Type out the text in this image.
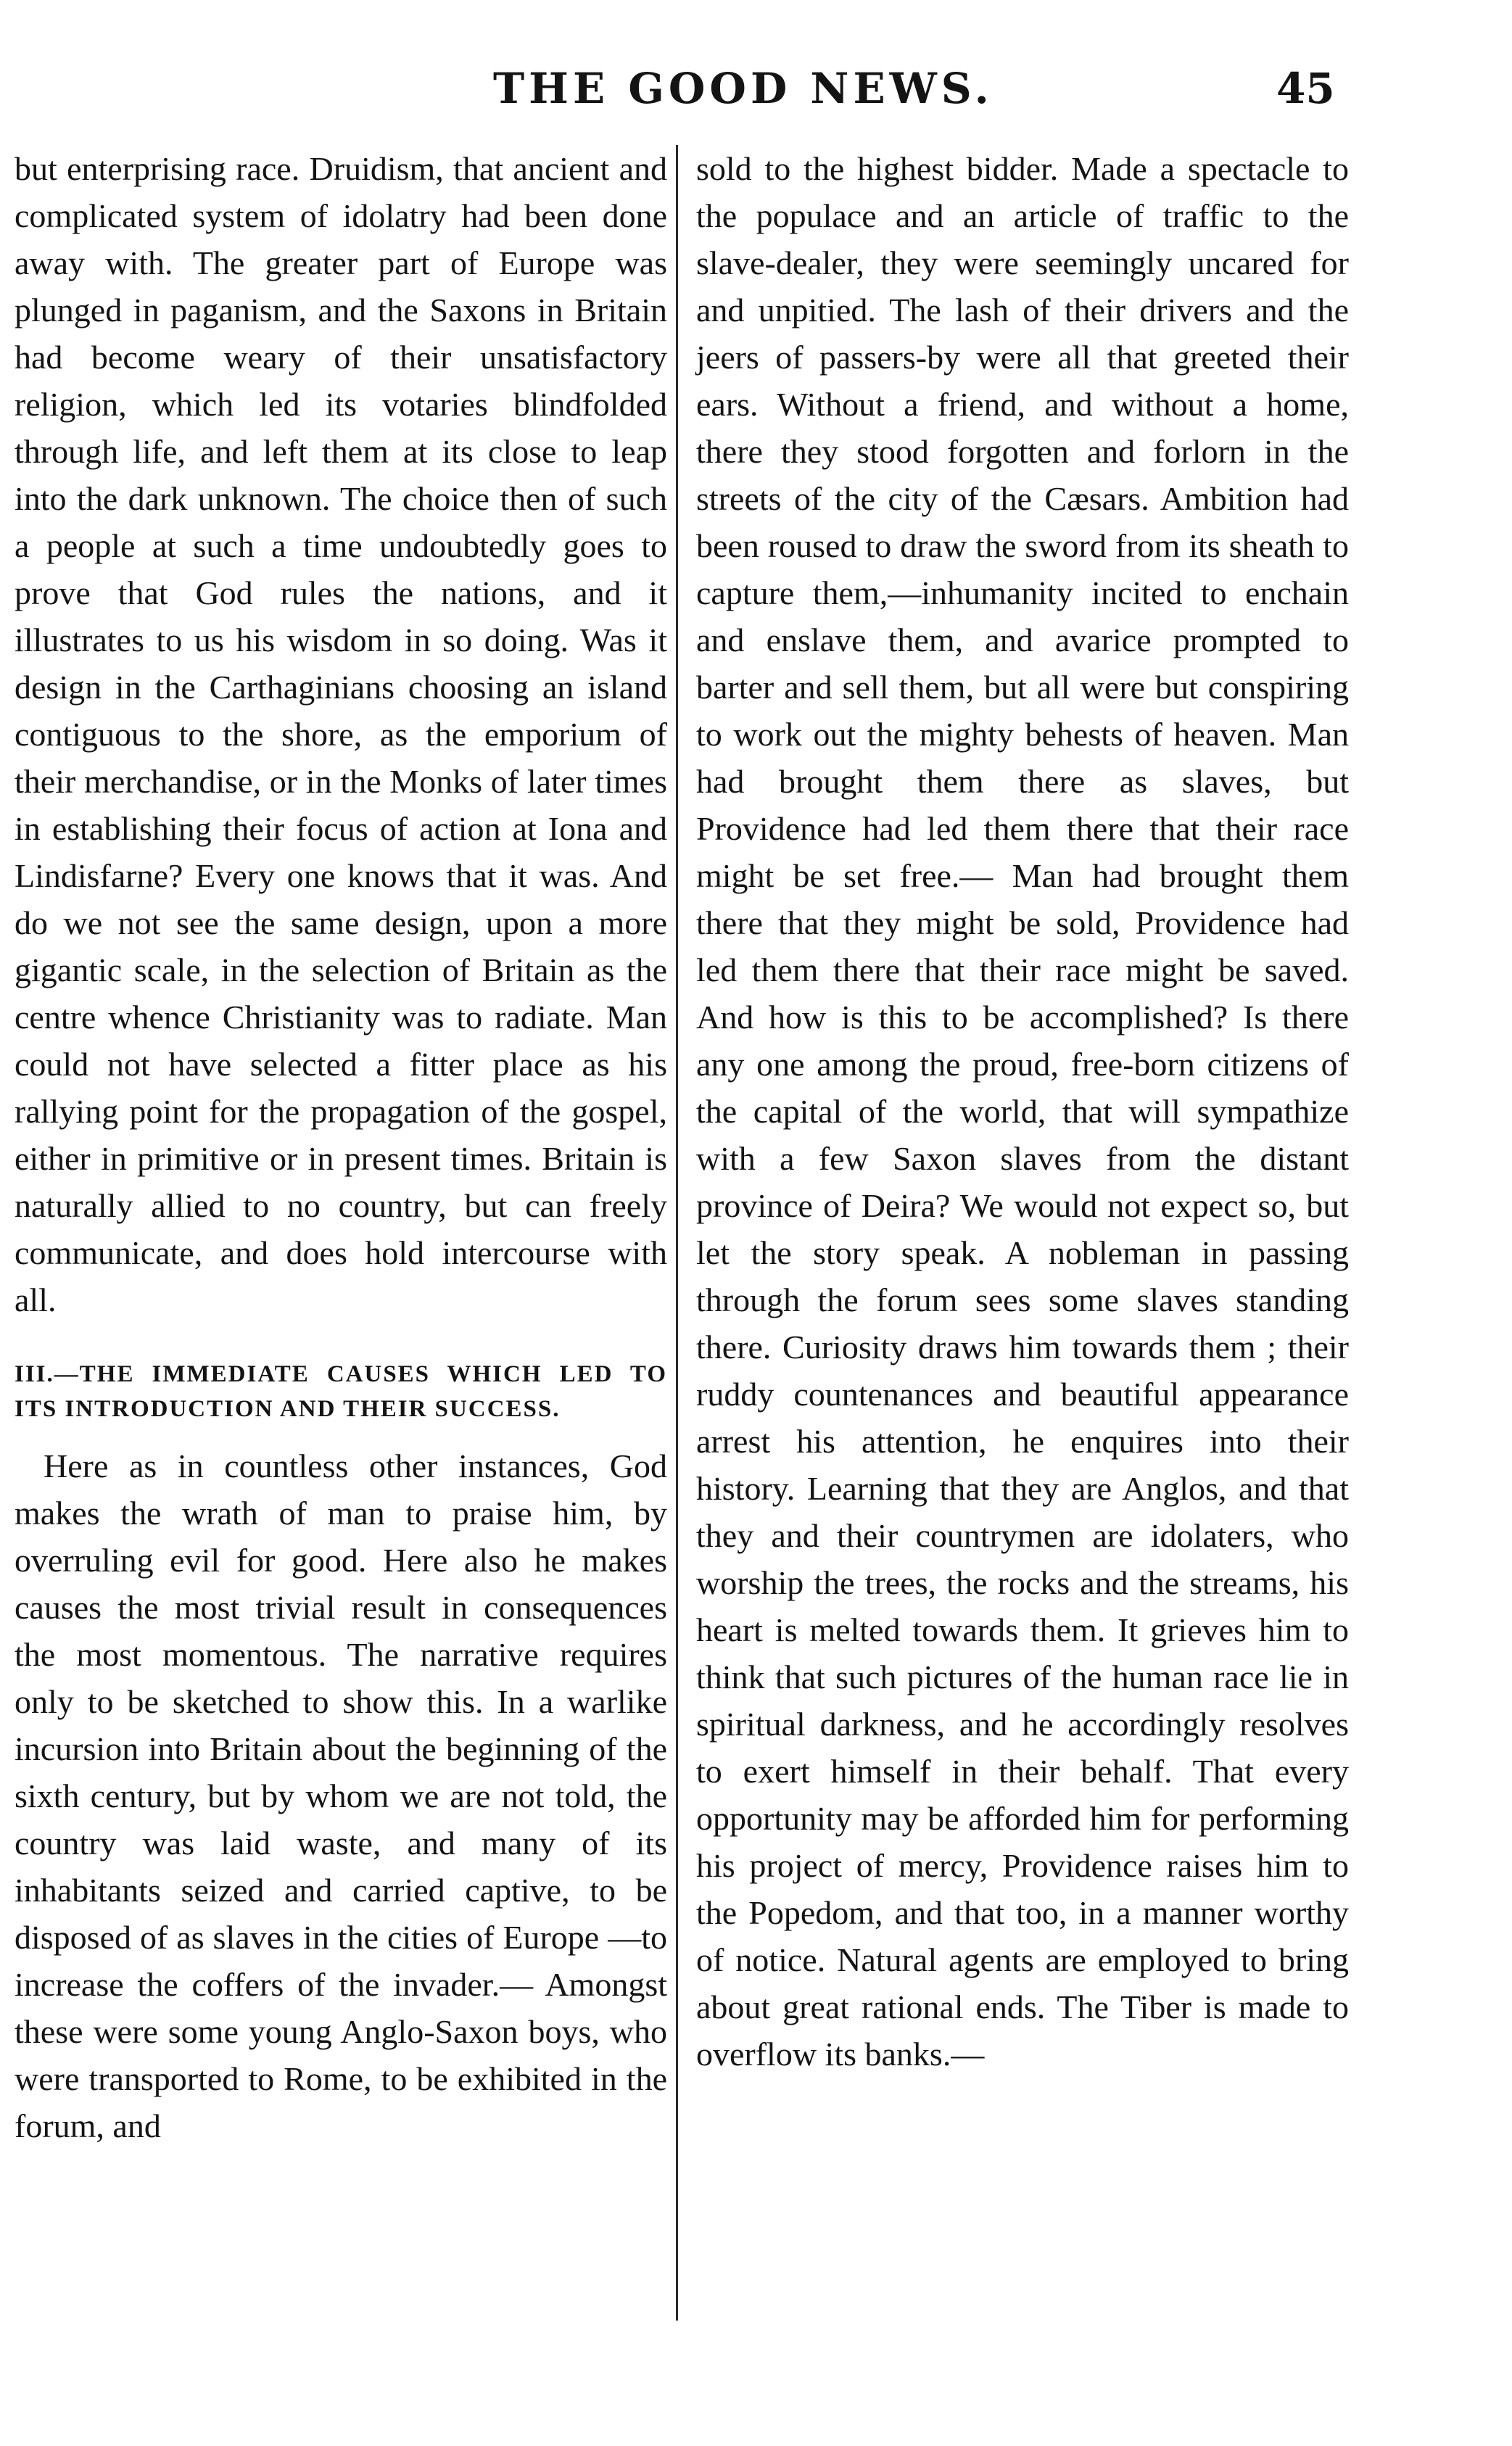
THE GOOD NEWS.	45

but enterprising race. Druidism, that ancient and complicated system of idolatry had been done away with. The greater part of Europe was plunged in paganism, and the Saxons in Britain had become weary of their unsatisfactory religion, which led its votaries blindfolded through life, and left them at its close to leap into the dark unknown. The choice then of such a people at such a time undoubtedly goes to prove that God rules the nations, and it illustrates to us his wisdom in so doing. Was it design in the Carthaginians choosing an island contiguous to the shore, as the emporium of their merchandise, or in the Monks of later times in establishing their focus of action at Iona and Lindisfarne? Every one knows that it was. And do we not see the same design, upon a more gigantic scale, in the selection of Britain as the centre whence Christianity was to radiate. Man could not have selected a fitter place as his rallying point for the propagation of the gospel, either in primitive or in present times. Britain is naturally allied to no country, but can freely communicate, and does hold intercourse with all.

III.—THE IMMEDIATE CAUSES WHICH LED TO ITS INTRODUCTION AND THEIR SUCCESS.

Here as in countless other instances, God makes the wrath of man to praise him, by overruling evil for good. Here also he makes causes the most trivial result in consequences the most momentous. The narrative requires only to be sketched to show this. In a warlike incursion into Britain about the beginning of the sixth century, but by whom we are not told, the country was laid waste, and many of its inhabitants seized and carried captive, to be disposed of as slaves in the cities of Europe —to increase the coffers of the invader.— Amongst these were some young Anglo-Saxon boys, who were transported to Rome, to be exhibited in the forum, and

sold to the highest bidder. Made a spectacle to the populace and an article of traffic to the slave-dealer, they were seemingly uncared for and unpitied. The lash of their drivers and the jeers of passers-by were all that greeted their ears. Without a friend, and without a home, there they stood forgotten and forlorn in the streets of the city of the Cæsars. Ambition had been roused to draw the sword from its sheath to capture them,—inhumanity incited to enchain and enslave them, and avarice prompted to barter and sell them, but all were but conspiring to work out the mighty behests of heaven. Man had brought them there as slaves, but Providence had led them there that their race might be set free.— Man had brought them there that they might be sold, Providence had led them there that their race might be saved. And how is this to be accomplished? Is there any one among the proud, free-born citizens of the capital of the world, that will sympathize with a few Saxon slaves from the distant province of Deira? We would not expect so, but let the story speak. A nobleman in passing through the forum sees some slaves standing there. Curiosity draws him towards them ; their ruddy countenances and beautiful appearance arrest his attention, he enquires into their history. Learning that they are Anglos, and that they and their countrymen are idolaters, who worship the trees, the rocks and the streams, his heart is melted towards them. It grieves him to think that such pictures of the human race lie in spiritual darkness, and he accordingly resolves to exert himself in their behalf. That every opportunity may be afforded him for performing his project of mercy, Providence raises him to the Popedom, and that too, in a manner worthy of notice. Natural agents are employed to bring about great rational ends. The Tiber is made to overflow its banks.—
